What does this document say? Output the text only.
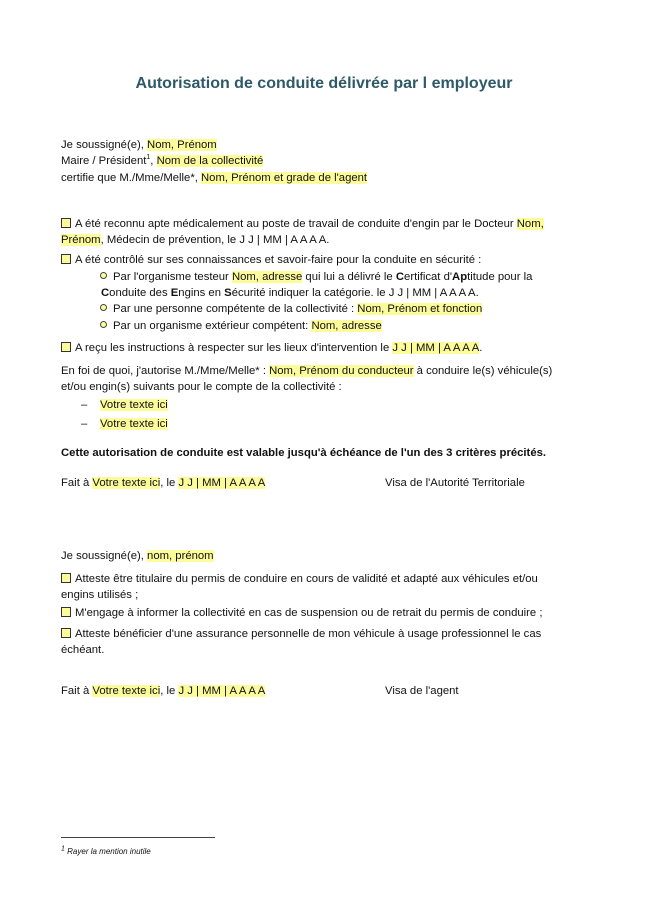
Autorisation de conduite délivrée par l employeur
Je soussigné(e), Nom, Prénom
Maire / Président$^1$, Nom de la collectivité
certifie que M./Mme/Melle*, Nom, Prénom et grade de l'agent
A été reconnu apte médicalement au poste de travail de conduite d'engin par le Docteur Nom,
Prénom, Médecin de prévention, le J J | MM | A A A A.
A été contrôlé sur ses connaissances et savoir-faire pour la conduite en sécurité :
Par l'organisme testeur Nom, adresse qui lui a délivré le Certificat d'Aptitude pour la
Conduite des Engins en Sécurité indiquer la catégorie. le J J | MM | A A A A.
Par une personne compétente de la collectivité : Nom, Prénom et fonction
Par un organisme extérieur compétent: Nom, adresse
A reçu les instructions à respecter sur les lieux d'intervention le J J | MM | A A A A.
En foi de quoi, j'autorise M./Mme/Melle* : Nom, Prénom du conducteur à conduire le(s) véhicule(s)
et/ou engin(s) suivants pour le compte de la collectivité :
– Votre texte ici
– Votre texte ici
Cette autorisation de conduite est valable jusqu'à échéance de l'un des 3 critères précités.
Fait à Votre texte ici, le J J | MM | A A A A	Visa de l'Autorité Territoriale
Je soussigné(e), nom, prénom
Atteste être titulaire du permis de conduire en cours de validité et adapté aux véhicules et/ou
engins utilisés ;
M'engage à informer la collectivité en cas de suspension ou de retrait du permis de conduire ;
Atteste bénéficier d'une assurance personnelle de mon véhicule à usage professionnel le cas
échéant.
Fait à Votre texte ici, le J J | MM | A A A A	Visa de l'agent
$^1$ Rayer la mention inutile
